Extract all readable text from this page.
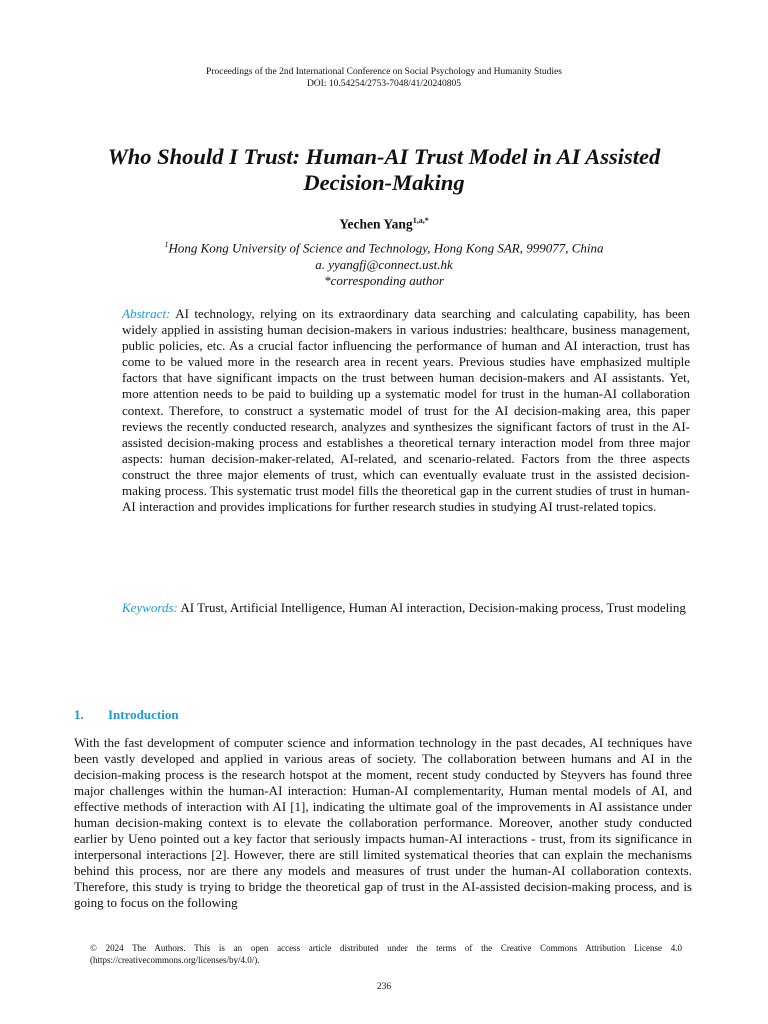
Proceedings of the 2nd International Conference on Social Psychology and Humanity Studies
DOI: 10.54254/2753-7048/41/20240805
Who Should I Trust: Human-AI Trust Model in AI Assisted
Decision-Making
Yechen Yang$^{1,a,*}$
$^1$Hong Kong University of Science and Technology, Hong Kong SAR, 999077, China
a. yyangfj@connect.ust.hk
*corresponding author
Abstract: AI technology, relying on its extraordinary data searching and calculating capability, has been widely applied in assisting human decision-makers in various industries: healthcare, business management, public policies, etc. As a crucial factor influencing the performance of human and AI interaction, trust has come to be valued more in the research area in recent years. Previous studies have emphasized multiple factors that have significant impacts on the trust between human decision-makers and AI assistants. Yet, more attention needs to be paid to building up a systematic model for trust in the human-AI collaboration context. Therefore, to construct a systematic model of trust for the AI decision-making area, this paper reviews the recently conducted research, analyzes and synthesizes the significant factors of trust in the AI-assisted decision-making process and establishes a theoretical ternary interaction model from three major aspects: human decision-maker-related, AI-related, and scenario-related. Factors from the three aspects construct the three major elements of trust, which can eventually evaluate trust in the assisted decision-making process. This systematic trust model fills the theoretical gap in the current studies of trust in human-AI interaction and provides implications for further research studies in studying AI trust-related topics.
Keywords: AI Trust, Artificial Intelligence, Human AI interaction, Decision-making process, Trust modeling
1. Introduction
With the fast development of computer science and information technology in the past decades, AI techniques have been vastly developed and applied in various areas of society. The collaboration between humans and AI in the decision-making process is the research hotspot at the moment, recent study conducted by Steyvers has found three major challenges within the human-AI interaction: Human-AI complementarity, Human mental models of AI, and effective methods of interaction with AI [1], indicating the ultimate goal of the improvements in AI assistance under human decision-making context is to elevate the collaboration performance. Moreover, another study conducted earlier by Ueno pointed out a key factor that seriously impacts human-AI interactions - trust, from its significance in interpersonal interactions [2]. However, there are still limited systematical theories that can explain the mechanisms behind this process, nor are there any models and measures of trust under the human-AI collaboration contexts. Therefore, this study is trying to bridge the theoretical gap of trust in the AI-assisted decision-making process, and is going to focus on the following
© 2024 The Authors. This is an open access article distributed under the terms of the Creative Commons Attribution License 4.0 (https://creativecommons.org/licenses/by/4.0/).
236
